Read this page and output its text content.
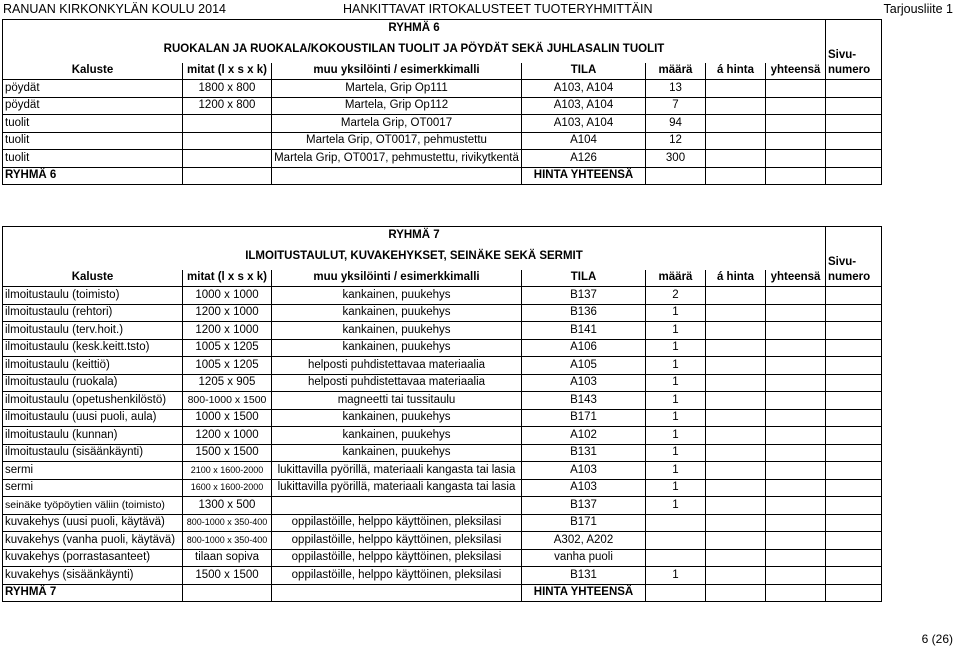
RANUAN KIRKONKYLÄN KOULU 2014	HANKITTAVAT IRTOKALUSTEET TUOTERYHMITTÄIN	Tarjousliite 1
RYHMÄ 6							
RUOKALAN JA RUOKALA/KOKOUSTILAN TUOLIT JA PÖYDÄT SEKÄ JUHLASALIN TUOLIT							Sivu-
Kaluste	mitat (l x s x k)	muu yksilöinti / esimerkkimalli	TILA	määrä	á hinta	yhteensä	numero
pöydät	1800 x 800	Martela, Grip Op111	A103, A104	13			
pöydät	1200 x 800	Martela, Grip Op112	A103, A104	7			
tuolit		Martela Grip, OT0017	A103, A104	94			
tuolit		Martela Grip, OT0017, pehmustettu	A104	12			
tuolit		Martela Grip, OT0017, pehmustettu, rivikytkentä	A126	300			
RYHMÄ 6			HINTA YHTEENSÄ				
RYHMÄ 7							
ILMOITUSTAULUT, KUVAKEHYKSET, SEINÄKE SEKÄ SERMIT							Sivu-
Kaluste	mitat (l x s x k)	muu yksilöinti / esimerkkimalli	TILA	määrä	á hinta	yhteensä	numero
ilmoitustaulu (toimisto)	1000 x 1000	kankainen, puukehys	B137	2			
ilmoitustaulu (rehtori)	1200 x 1000	kankainen, puukehys	B136	1			
ilmoitustaulu (terv.hoit.)	1200 x 1000	kankainen, puukehys	B141	1			
ilmoitustaulu (kesk.keitt.tsto)	1005 x 1205	kankainen, puukehys	A106	1			
ilmoitustaulu (keittiö)	1005 x 1205	helposti puhdistettavaa materiaalia	A105	1			
ilmoitustaulu (ruokala)	1205 x 905	helposti puhdistettavaa materiaalia	A103	1			
ilmoitustaulu (opetushenkilöstö)	800-1000 x 1500	magneetti tai tussitaulu	B143	1			
ilmoitustaulu (uusi puoli, aula)	1000 x 1500	kankainen, puukehys	B171	1			
ilmoitustaulu (kunnan)	1200 x 1000	kankainen, puukehys	A102	1			
ilmoitustaulu (sisäänkäynti)	1500 x 1500	kankainen, puukehys	B131	1			
sermi	2100 x 1600-2000	lukittavilla pyörillä, materiaali kangasta tai lasia	A103	1			
sermi	1600 x 1600-2000	lukittavilla pyörillä, materiaali kangasta tai lasia	A103	1			
seinäke työpöytien väliin (toimisto)	1300 x 500		B137	1			
kuvakehys (uusi puoli, käytävä)	800-1000 x 350-400	oppilastöille, helppo käyttöinen, pleksilasi	B171				
kuvakehys (vanha puoli, käytävä)	800-1000 x 350-400	oppilastöille, helppo käyttöinen, pleksilasi	A302, A202				
kuvakehys (porrastasanteet)	tilaan sopiva	oppilastöille, helppo käyttöinen, pleksilasi	vanha puoli				
kuvakehys (sisäänkäynti)	1500 x 1500	oppilastöille, helppo käyttöinen, pleksilasi	B131	1			
RYHMÄ 7			HINTA YHTEENSÄ				
6 (26)
